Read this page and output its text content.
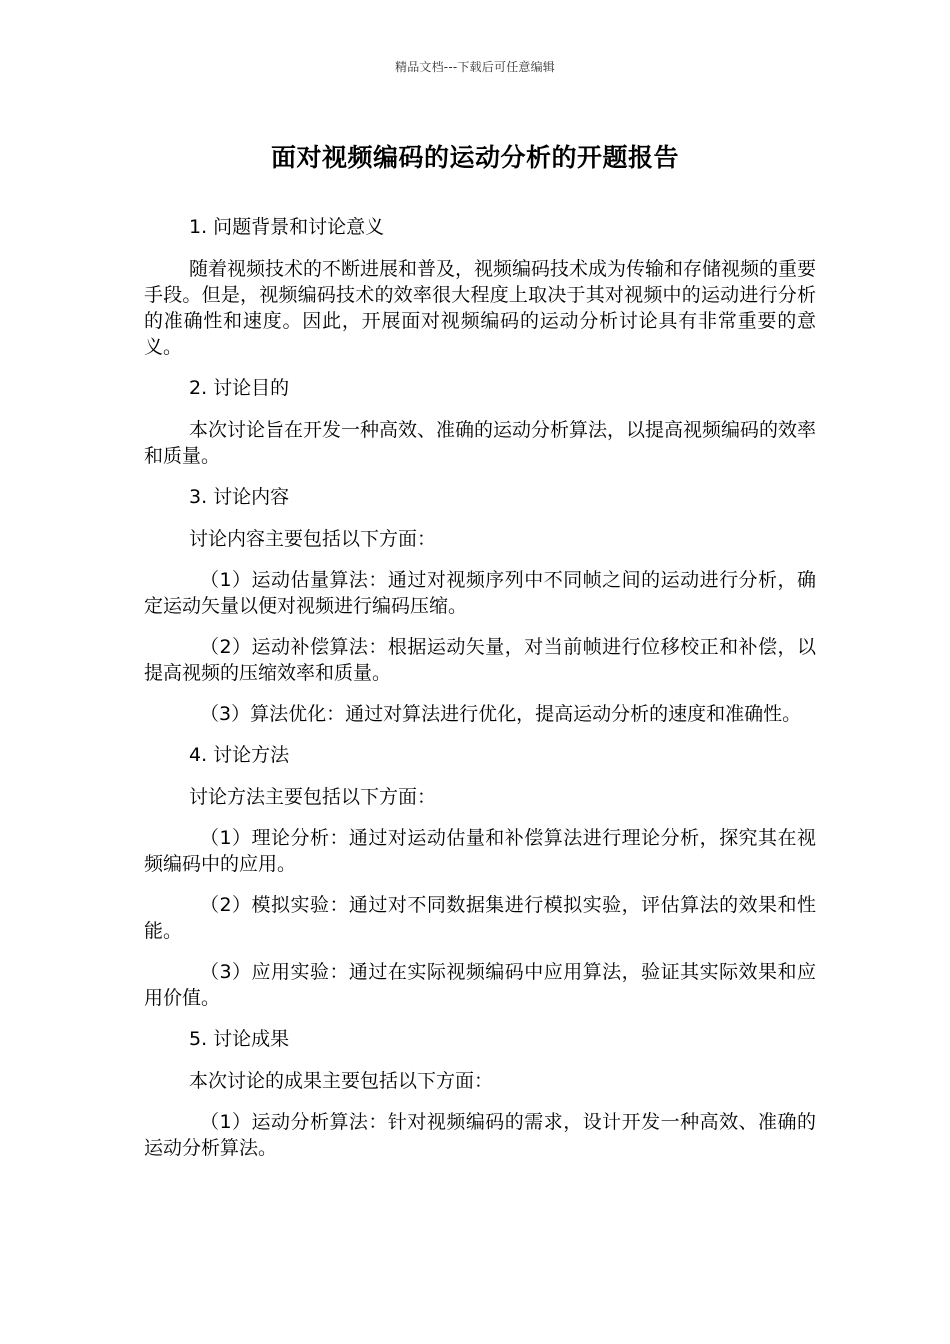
精品文档---下载后可任意编辑
面对视频编码的运动分析的开题报告
1. 问题背景和讨论意义
随着视频技术的不断进展和普及，视频编码技术成为传输和存储视频的重要手段。但是，视频编码技术的效率很大程度上取决于其对视频中的运动进行分析的准确性和速度。因此，开展面对视频编码的运动分析讨论具有非常重要的意义。
2. 讨论目的
本次讨论旨在开发一种高效、准确的运动分析算法，以提高视频编码的效率和质量。
3. 讨论内容
讨论内容主要包括以下方面：
（1）运动估量算法：通过对视频序列中不同帧之间的运动进行分析，确定运动矢量以便对视频进行编码压缩。
（2）运动补偿算法：根据运动矢量，对当前帧进行位移校正和补偿，以提高视频的压缩效率和质量。
（3）算法优化：通过对算法进行优化，提高运动分析的速度和准确性。
4. 讨论方法
讨论方法主要包括以下方面：
（1）理论分析：通过对运动估量和补偿算法进行理论分析，探究其在视频编码中的应用。
（2）模拟实验：通过对不同数据集进行模拟实验，评估算法的效果和性能。
（3）应用实验：通过在实际视频编码中应用算法，验证其实际效果和应用价值。
5. 讨论成果
本次讨论的成果主要包括以下方面：
（1）运动分析算法：针对视频编码的需求，设计开发一种高效、准确的运动分析算法。
